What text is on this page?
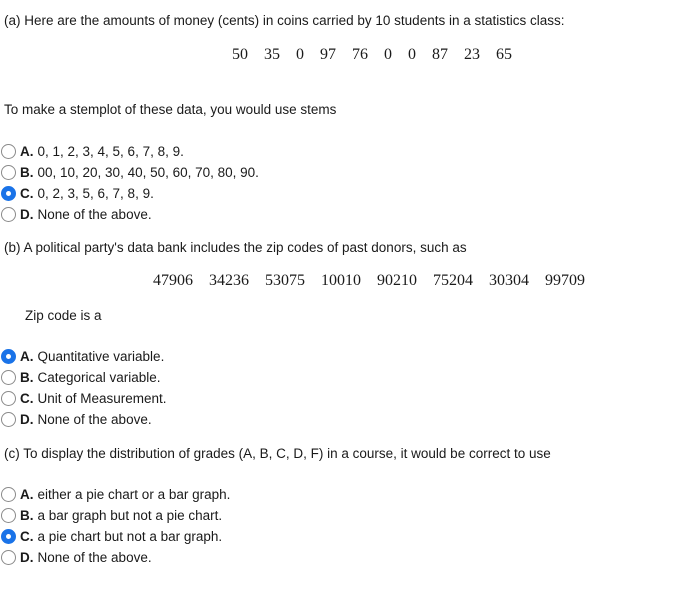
(a) Here are the amounts of money (cents) in coins carried by 10 students in a statistics class:
50 35 0 97 76 0 0 87 23 65
To make a stemplot of these data, you would use stems
A. 0, 1, 2, 3, 4, 5, 6, 7, 8, 9.
B. 00, 10, 20, 30, 40, 50, 60, 70, 80, 90.
C. 0, 2, 3, 5, 6, 7, 8, 9.
D. None of the above.
(b) A political party's data bank includes the zip codes of past donors, such as
47906 34236 53075 10010 90210 75204 30304 99709
Zip code is a
A. Quantitative variable.
B. Categorical variable.
C. Unit of Measurement.
D. None of the above.
(c) To display the distribution of grades (A, B, C, D, F) in a course, it would be correct to use
A. either a pie chart or a bar graph.
B. a bar graph but not a pie chart.
C. a pie chart but not a bar graph.
D. None of the above.
